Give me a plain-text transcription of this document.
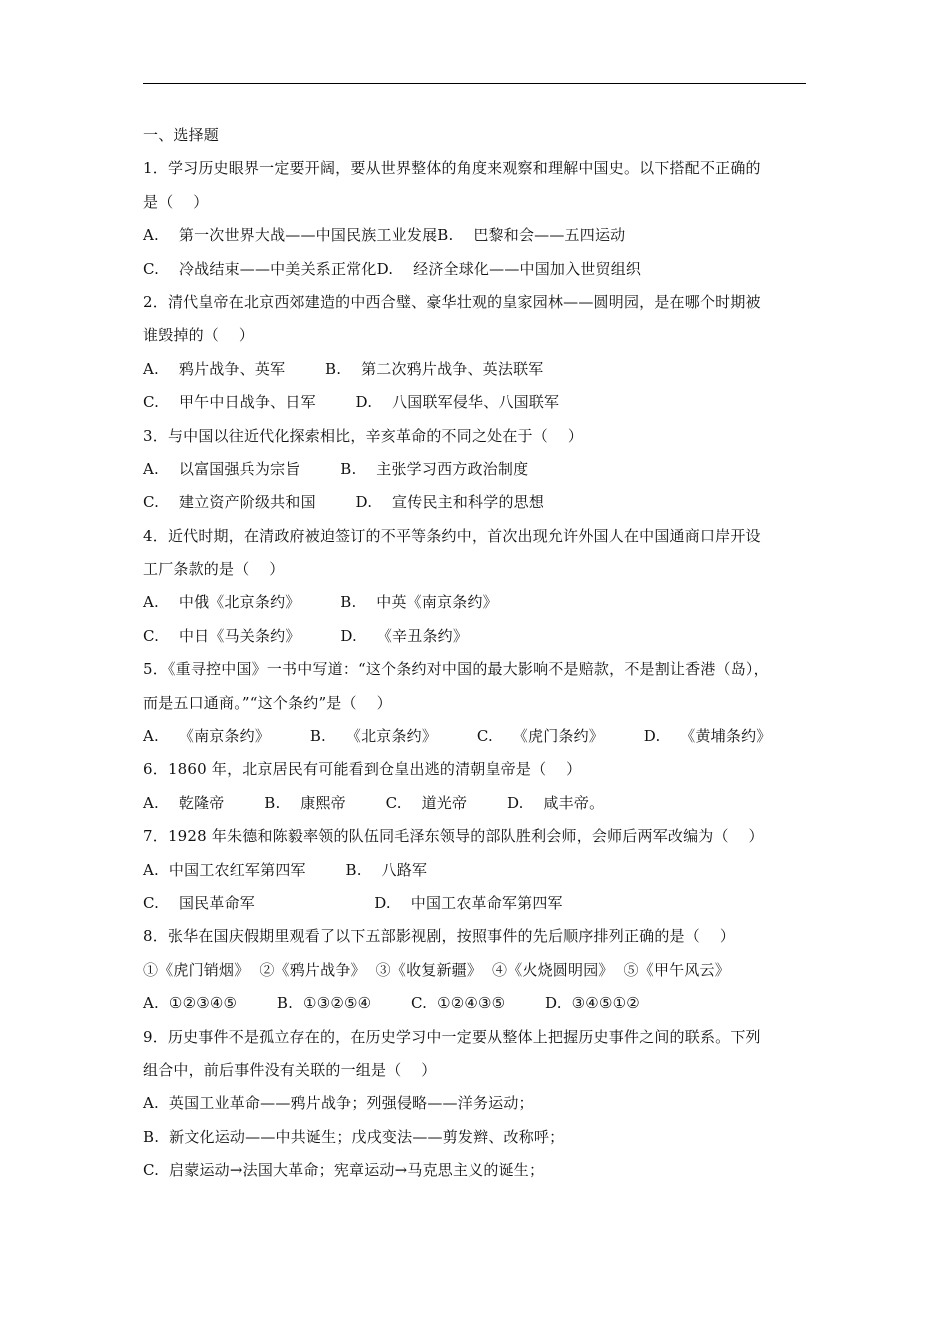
一、选择题
1．学习历史眼界一定要开阔，要从世界整体的角度来观察和理解中国史。以下搭配不正确的
是（    ）
A.    第一次世界大战——中国民族工业发展B.    巴黎和会——五四运动
C.    冷战结束——中美关系正常化D.    经济全球化——中国加入世贸组织
2．清代皇帝在北京西郊建造的中西合璧、豪华壮观的皇家园林——圆明园，是在哪个时期被
谁毁掉的（    ）
A.    鸦片战争、英军        B.    第二次鸦片战争、英法联军
C.    甲午中日战争、日军        D.    八国联军侵华、八国联军
3．与中国以往近代化探索相比，辛亥革命的不同之处在于（    ）
A.    以富国强兵为宗旨        B.    主张学习西方政治制度
C.    建立资产阶级共和国        D.    宣传民主和科学的思想
4．近代时期，在清政府被迫签订的不平等条约中，首次出现允许外国人在中国通商口岸开设
工厂条款的是（    ）
A.    中俄《北京条约》        B.    中英《南京条约》
C.    中日《马关条约》        D.    《辛丑条约》
5．《重寻控中国》一书中写道：“这个条约对中国的最大影响不是赔款，不是割让香港（岛），
而是五口通商。”“这个条约”是（    ）
A.    《南京条约》        B.    《北京条约》        C.    《虎门条约》        D.    《黄埔条约》
6．1860 年，北京居民有可能看到仓皇出逃的清朝皇帝是（    ）
A.    乾隆帝        B.    康熙帝        C.    道光帝        D.    咸丰帝。
7．1928 年朱德和陈毅率领的队伍同毛泽东领导的部队胜利会师，会师后两军改编为（    ）
A.  中国工农红军第四军        B.    八路军
C.    国民革命军                        D.    中国工农革命军第四军
8．张华在国庆假期里观看了以下五部影视剧，按照事件的先后顺序排列正确的是（    ）
①《虎门销烟》  ②《鸦片战争》  ③《收复新疆》  ④《火烧圆明园》  ⑤《甲午风云》
A.  ①②③④⑤        B.  ①③②⑤④        C.  ①②④③⑤        D.  ③④⑤①②
9．历史事件不是孤立存在的，在历史学习中一定要从整体上把握历史事件之间的联系。下列
组合中，前后事件没有关联的一组是（    ）
A.  英国工业革命——鸦片战争；列强侵略——洋务运动；
B.  新文化运动——中共诞生；戊戌变法——剪发辫、改称呼；
C.  启蒙运动→法国大革命；宪章运动→马克思主义的诞生；
